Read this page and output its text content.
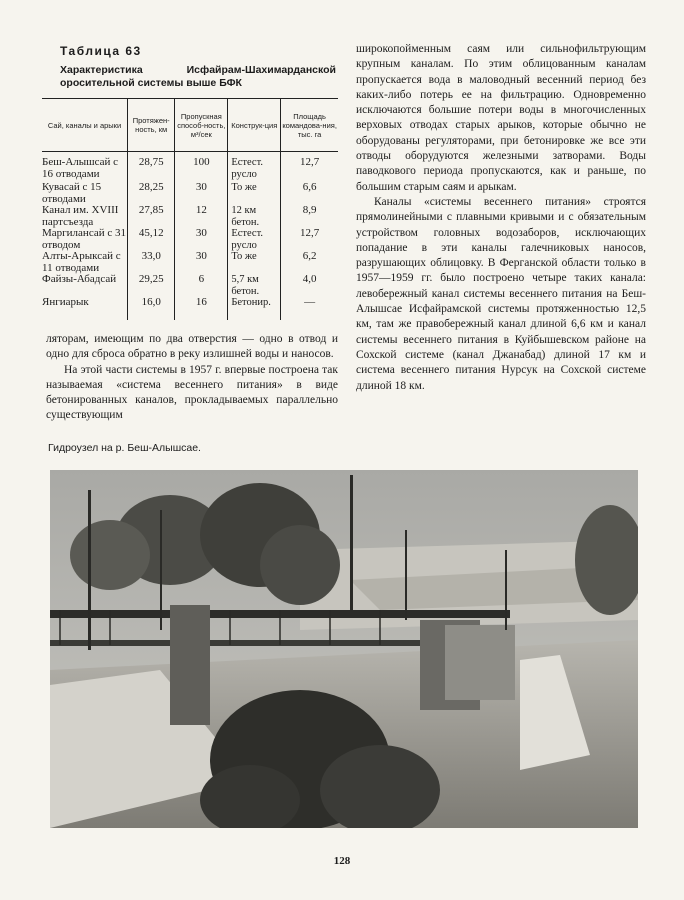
Таблица 63
Характеристика Исфайрам-Шахимарданской оросительной системы выше БФК
Сай, каналы и арыки	Протяжен-ность, км	Пропускная способ-ность, м³/сек	Конструк-ция	Площадь командова-ния, тыс. га
Беш-Алышсай с 16 отводами	28,75	100	Естест. русло	12,7
Кувасай с 15 отводами	28,25	30	То же	6,6
Канал им. XVIII партсъезда	27,85	12	12 км бетон.	8,9
Маргилансай с 31 отводом	45,12	30	Естест. русло	12,7
Алты-Арыксай с 11 отводами	33,0	30	То же	6,2
Файзы-Абадсай	29,25	6	5,7 км бетон.	4,0
Янгиарык	16,0	16	Бетониp.	—

ляторам, имеющим по два отверстия — одно в отвод и одно для сброса обратно в реку излишней воды и наносов.

На этой части системы в 1957 г. впервые построена так называемая «система весеннего питания» в виде бетонированных каналов, прокладываемых параллельно существующим

Гидроузел на р. Беш-Алышсае.

широкопойменным саям или сильнофильтрующим крупным каналам. По этим облицованным каналам пропускается вода в маловодный весенний период без каких-либо потерь ее на фильтрацию. Одновременно исключаются большие потери воды в многочисленных верховых отводах старых арыков, которые обычно не оборудованы регуляторами, при бетонировке же все эти отводы оборудуются железными затворами. Воды паводкового периода пропускаются, как и раньше, по большим старым саям и арыкам.

Каналы «системы весеннего питания» строятся прямолинейными с плавными кривыми и с обязательным устройством головных водозаборов, исключающих попадание в эти каналы галечниковых наносов, разрушающих облицовку. В Ферганской области только в 1957—1959 гг. было построено четыре таких канала: левобережный канал системы весеннего питания на Беш-Алышсае Исфайрамской системы протяженностью 12,5 км, там же правобережный канал длиной 6,6 км и канал системы весеннего питания в Куйбышевском районе на Сохской системе (канал Джанабад) длиной 17 км и система весеннего питания Нурсук на Сохской системе длиной 18 км.

128
